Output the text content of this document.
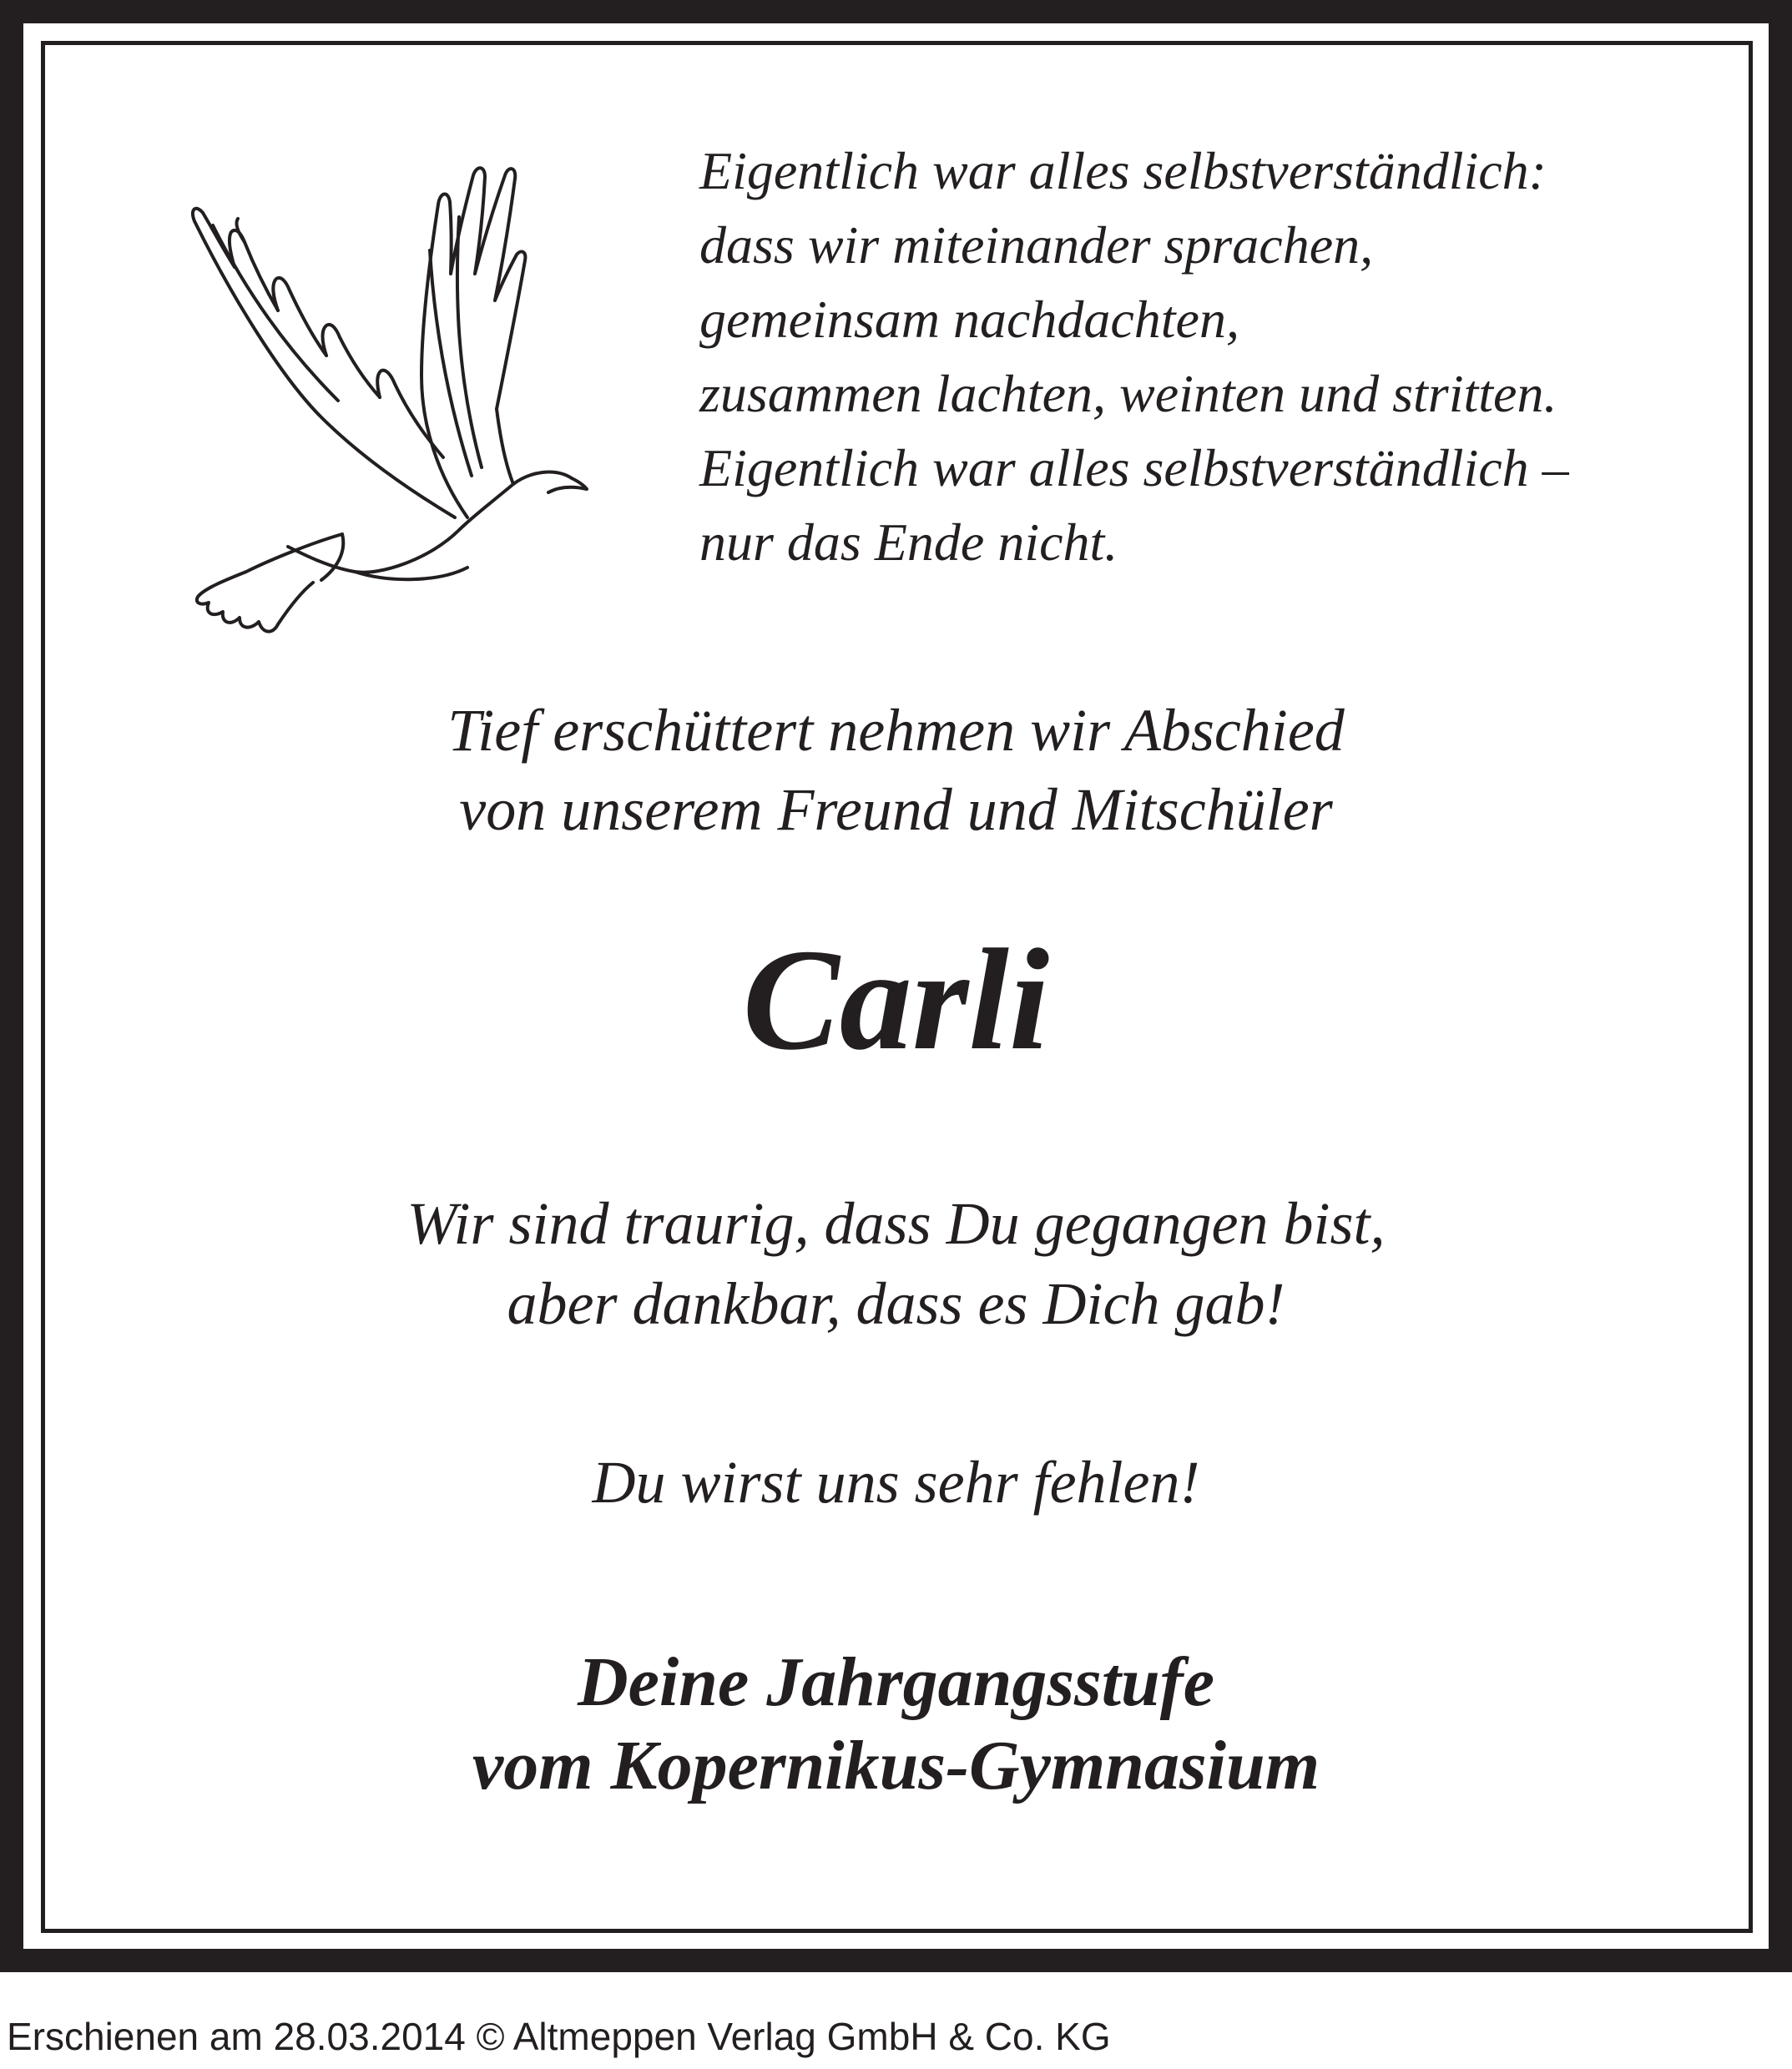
Eigentlich war alles selbstverständlich:
dass wir miteinander sprachen,
gemeinsam nachdachten,
zusammen lachten, weinten und stritten.
Eigentlich war alles selbstverständlich –
nur das Ende nicht.
Tief erschüttert nehmen wir Abschied
von unserem Freund und Mitschüler
Carli
Wir sind traurig, dass Du gegangen bist,
aber dankbar, dass es Dich gab!
Du wirst uns sehr fehlen!
Deine Jahrgangsstufe
vom Kopernikus-Gymnasium
Erschienen am 28.03.2014 © Altmeppen Verlag GmbH & Co. KG
